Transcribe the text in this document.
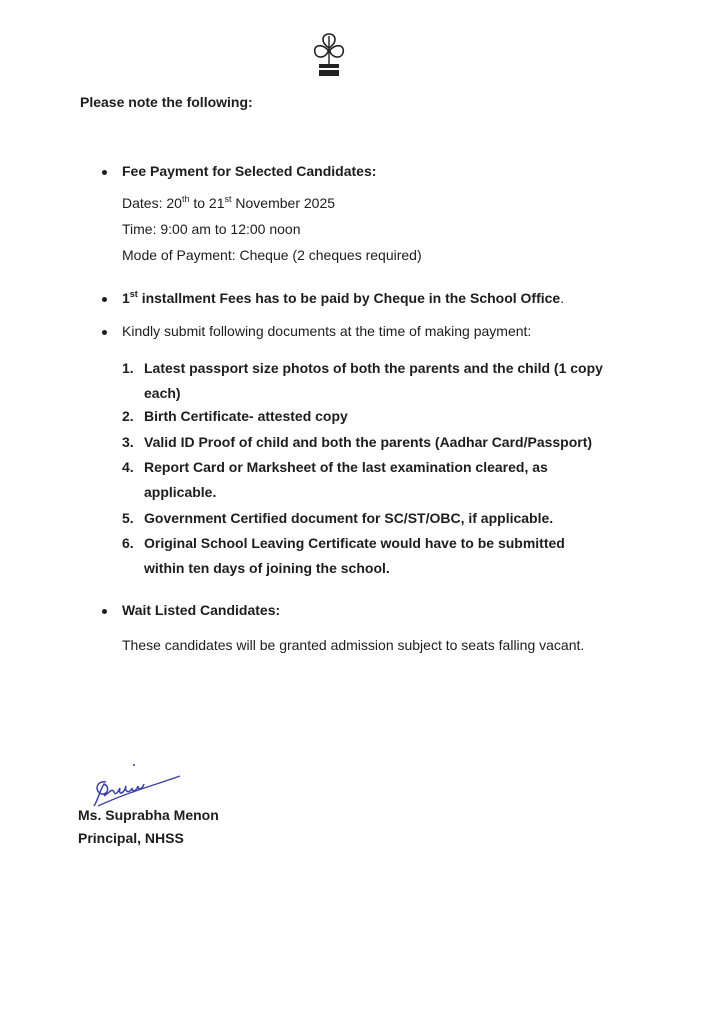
Please note the following:
Fee Payment for Selected Candidates:
Dates: 20th to 21st November 2025
Time: 9:00 am to 12:00 noon
Mode of Payment: Cheque (2 cheques required)
1st installment Fees has to be paid by Cheque in the School Office.
Kindly submit following documents at the time of making payment:
1. Latest passport size photos of both the parents and the child (1 copy
each)
2. Birth Certificate- attested copy
3. Valid ID Proof of child and both the parents (Aadhar Card/Passport)
4. Report Card or Marksheet of the last examination cleared, as
applicable.
5. Government Certified document for SC/ST/OBC, if applicable.
6. Original School Leaving Certificate would have to be submitted
within ten days of joining the school.
Wait Listed Candidates:
These candidates will be granted admission subject to seats falling vacant.
Ms. Suprabha Menon
Principal, NHSS
